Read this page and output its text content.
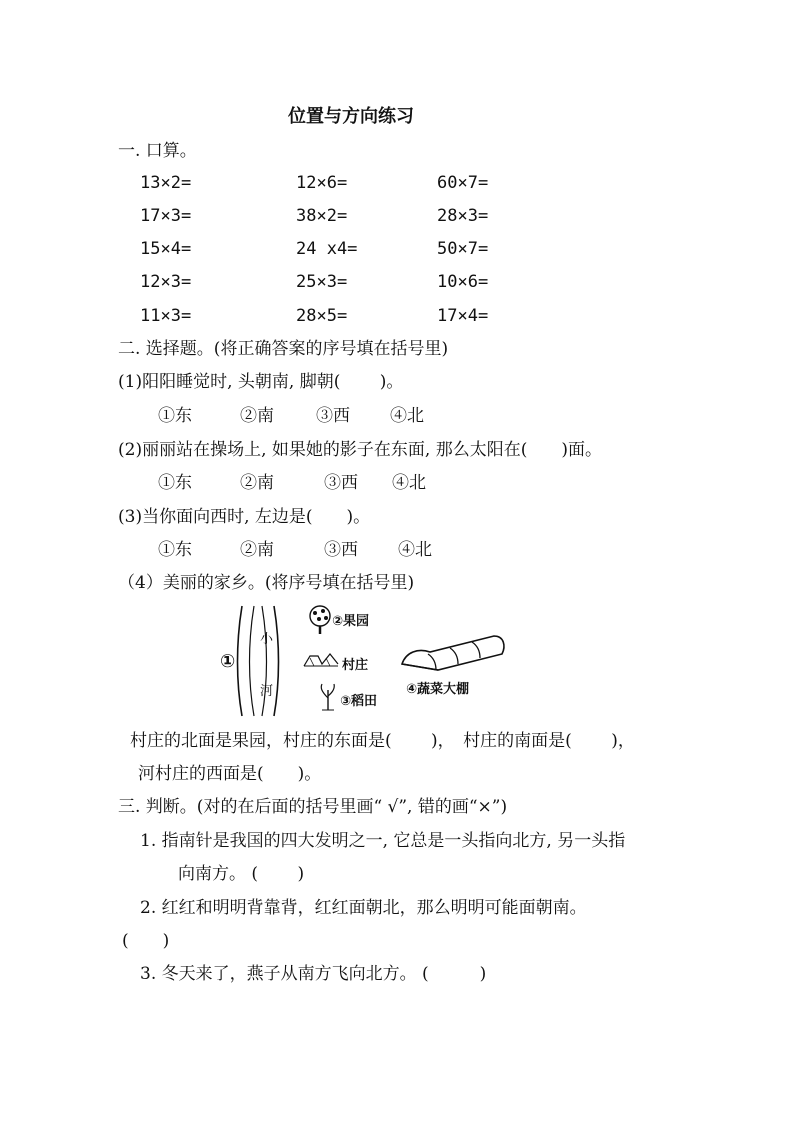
位置与方向练习
一. 口算。
13×2=	12×6=	60×7=
17×3=	38×2=	28×3=
15×4=	24 x4=	50×7=
12×3=	25×3=	10×6=
11×3=	28×5=	17×4=
二. 选择题。(将正确答案的序号填在括号里)
(1)阳阳睡觉时, 头朝南, 脚朝(　　 )。
①东	②南 ③西 ④北
(2)丽丽站在操场上, 如果她的影子在东面, 那么太阳在(　　)面。
①东	②南	③西 ④北
(3)当你面向西时, 左边是(　　)。
①东	②南	③西 ④北
（4）美丽的家乡。(将序号填在括号里)
①
小
河
②果园
村庄
③稻田
④蔬菜大棚
村庄的北面是果园，村庄的东面是(　　 )，　村庄的南面是(　　 )，
河村庄的西面是(　　)。
三. 判断。(对的在后面的括号里画“ √”, 错的画“×”)
1. 指南针是我国的四大发明之一, 它总是一头指向北方, 另一头指
向南方。 (　　 )
2. 红红和明明背靠背，红红面朝北，那么明明可能面朝南。
(　　)
3. 冬天来了，燕子从南方飞向北方。 (　　　)
